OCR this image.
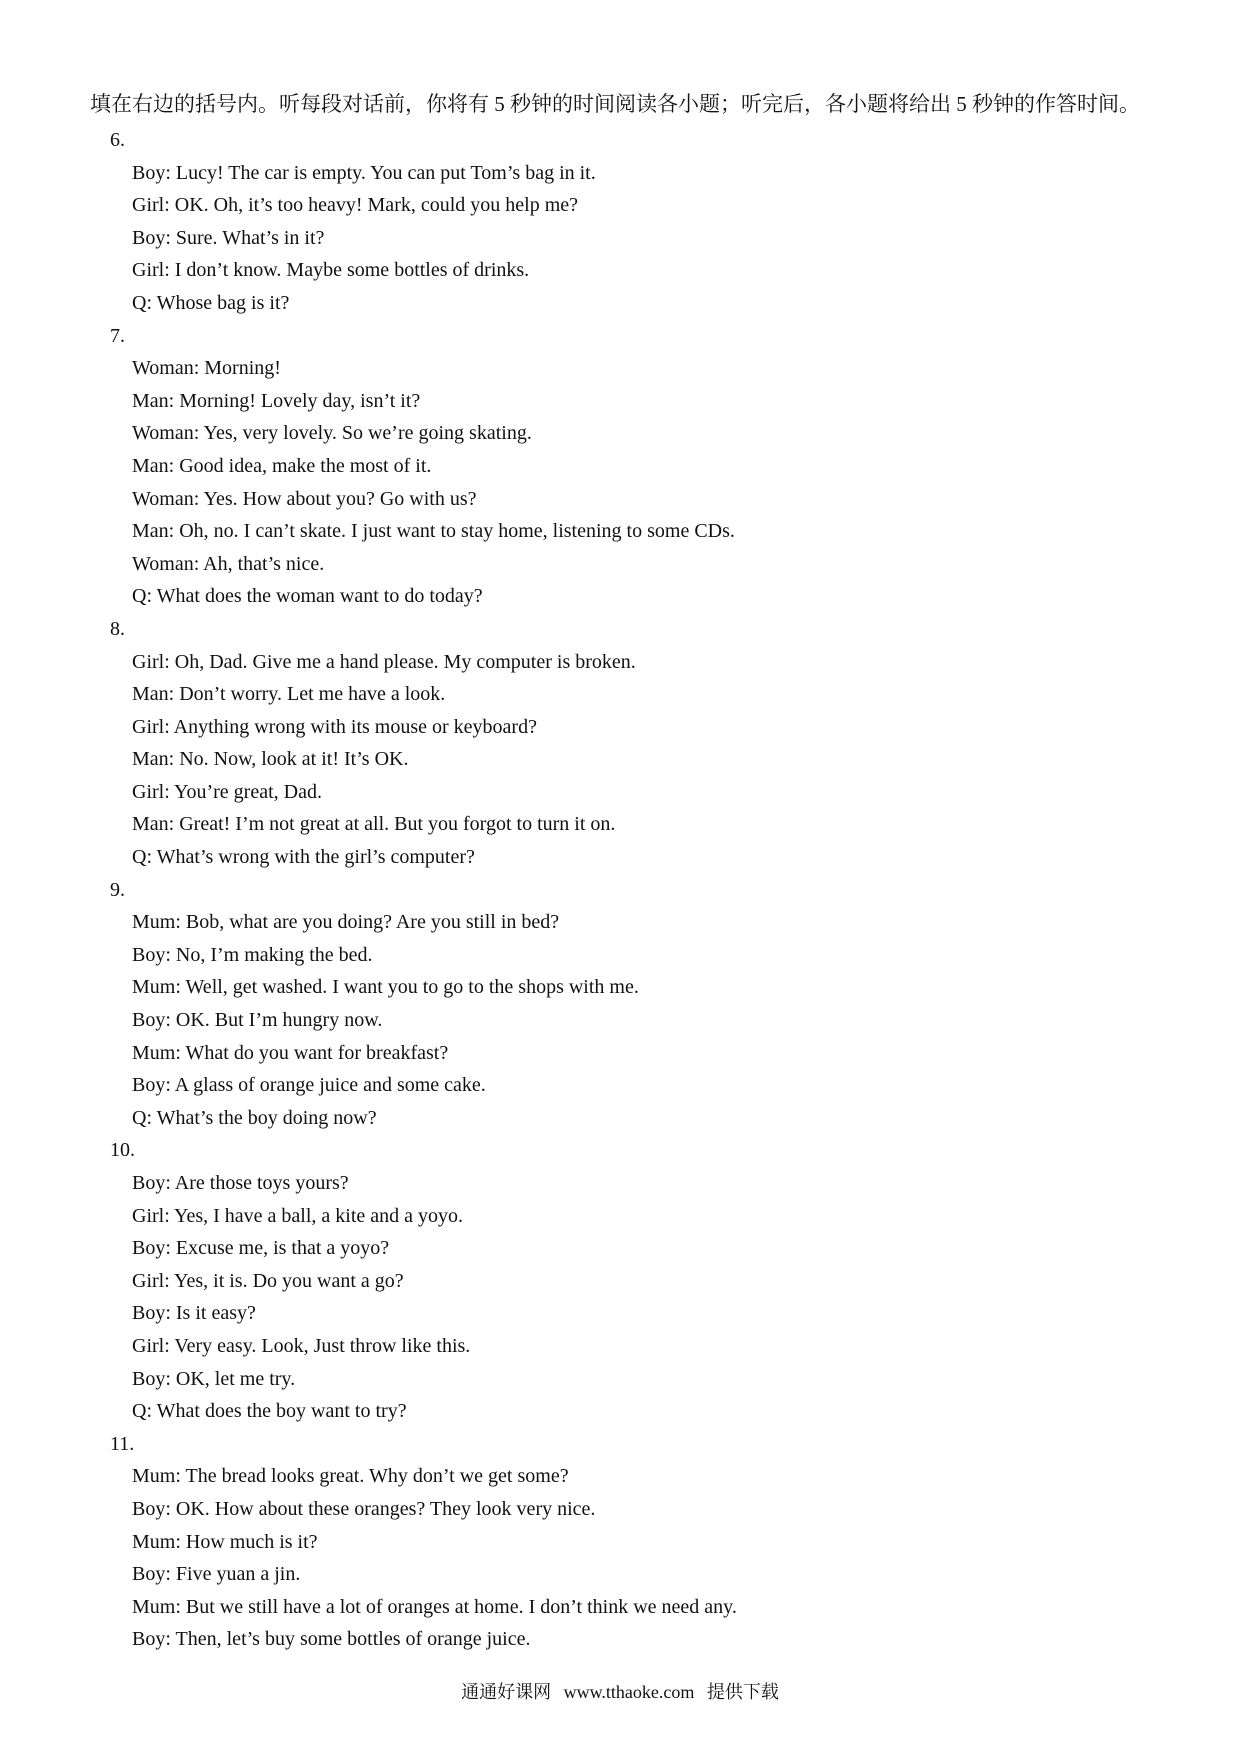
填在右边的括号内。听每段对话前，你将有 5 秒钟的时间阅读各小题；听完后，各小题将给出 5 秒钟的作答时间。
6.
Boy: Lucy! The car is empty. You can put Tom’s bag in it.
Girl: OK. Oh, it’s too heavy! Mark, could you help me?
Boy: Sure. What’s in it?
Girl: I don’t know. Maybe some bottles of drinks.
Q: Whose bag is it?
7.
Woman: Morning!
Man: Morning! Lovely day, isn’t it?
Woman: Yes, very lovely. So we’re going skating.
Man: Good idea, make the most of it.
Woman: Yes. How about you? Go with us?
Man: Oh, no. I can’t skate. I just want to stay home, listening to some CDs.
Woman: Ah, that’s nice.
Q: What does the woman want to do today?
8.
Girl: Oh, Dad. Give me a hand please. My computer is broken.
Man: Don’t worry. Let me have a look.
Girl: Anything wrong with its mouse or keyboard?
Man: No. Now, look at it! It’s OK.
Girl: You’re great, Dad.
Man: Great! I’m not great at all. But you forgot to turn it on.
Q: What’s wrong with the girl’s computer?
9.
Mum: Bob, what are you doing? Are you still in bed?
Boy: No, I’m making the bed.
Mum: Well, get washed. I want you to go to the shops with me.
Boy: OK. But I’m hungry now.
Mum: What do you want for breakfast?
Boy: A glass of orange juice and some cake.
Q: What’s the boy doing now?
10.
Boy: Are those toys yours?
Girl: Yes, I have a ball, a kite and a yoyo.
Boy: Excuse me, is that a yoyo?
Girl: Yes, it is. Do you want a go?
Boy: Is it easy?
Girl: Very easy. Look, Just throw like this.
Boy: OK, let me try.
Q: What does the boy want to try?
11.
Mum: The bread looks great. Why don’t we get some?
Boy: OK. How about these oranges? They look very nice.
Mum: How much is it?
Boy: Five yuan a jin.
Mum: But we still have a lot of oranges at home. I don’t think we need any.
Boy: Then, let’s buy some bottles of orange juice.
通通好课网 www.tthaoke.com 提供下载
